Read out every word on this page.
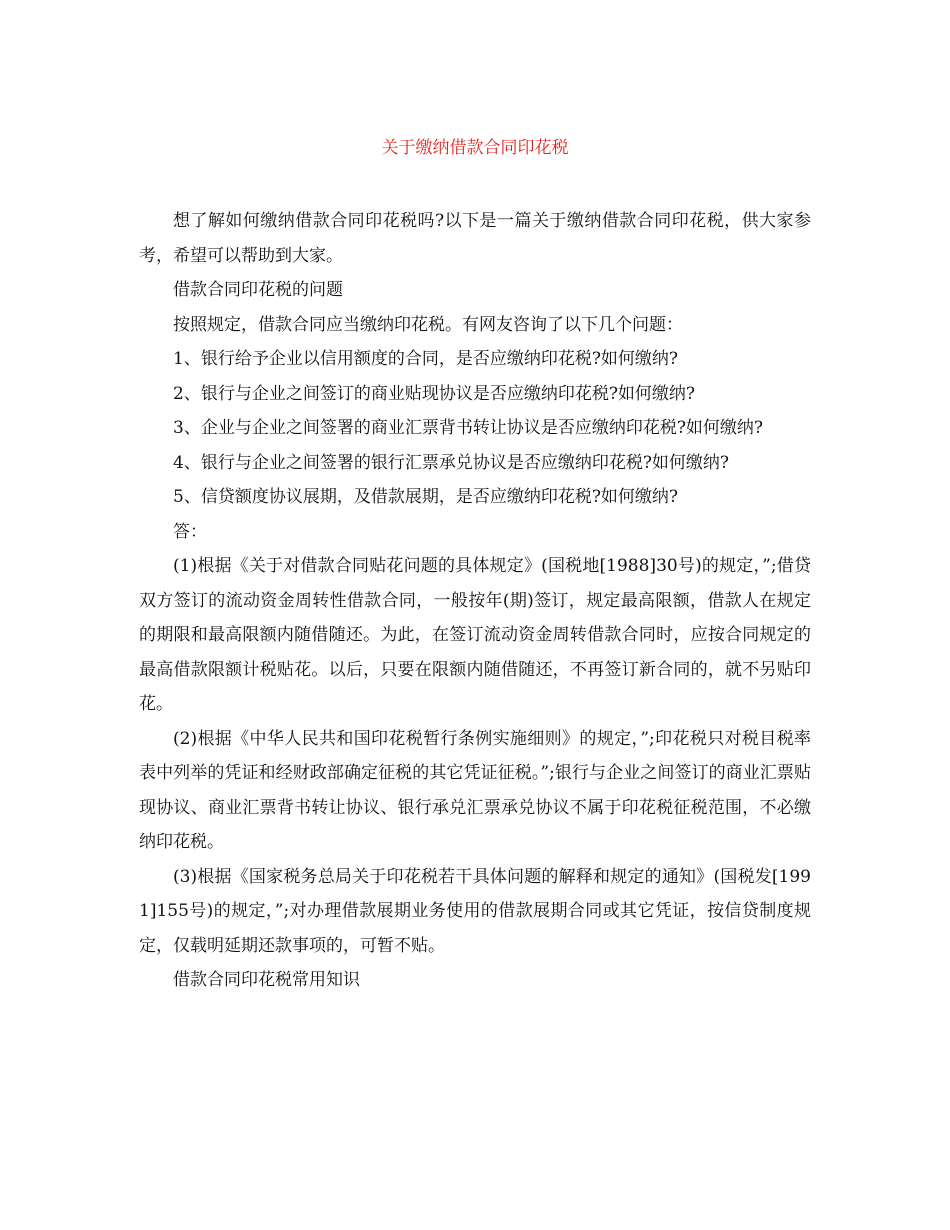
关于缴纳借款合同印花税

想了解如何缴纳借款合同印花税吗?以下是一篇关于缴纳借款合同印花税，供大家参考，希望可以帮助到大家。

借款合同印花税的问题

按照规定，借款合同应当缴纳印花税。有网友咨询了以下几个问题：

1、银行给予企业以信用额度的合同，是否应缴纳印花税?如何缴纳?

2、银行与企业之间签订的商业贴现协议是否应缴纳印花税?如何缴纳?

3、企业与企业之间签署的商业汇票背书转让协议是否应缴纳印花税?如何缴纳?

4、银行与企业之间签署的银行汇票承兑协议是否应缴纳印花税?如何缴纳?

5、信贷额度协议展期，及借款展期，是否应缴纳印花税?如何缴纳?

答：

(1)根据《关于对借款合同贴花问题的具体规定》(国税地[1988]30号)的规定，”;借贷双方签订的流动资金周转性借款合同，一般按年(期)签订，规定最高限额，借款人在规定的期限和最高限额内随借随还。为此，在签订流动资金周转借款合同时，应按合同规定的最高借款限额计税贴花。以后，只要在限额内随借随还，不再签订新合同的，就不另贴印花。

(2)根据《中华人民共和国印花税暂行条例实施细则》的规定，”;印花税只对税目税率表中列举的凭证和经财政部确定征税的其它凭证征税。”;银行与企业之间签订的商业汇票贴现协议、商业汇票背书转让协议、银行承兑汇票承兑协议不属于印花税征税范围，不必缴纳印花税。

(3)根据《国家税务总局关于印花税若干具体问题的解释和规定的通知》(国税发[1991]155号)的规定，”;对办理借款展期业务使用的借款展期合同或其它凭证，按信贷制度规定，仅载明延期还款事项的，可暂不贴。

借款合同印花税常用知识
